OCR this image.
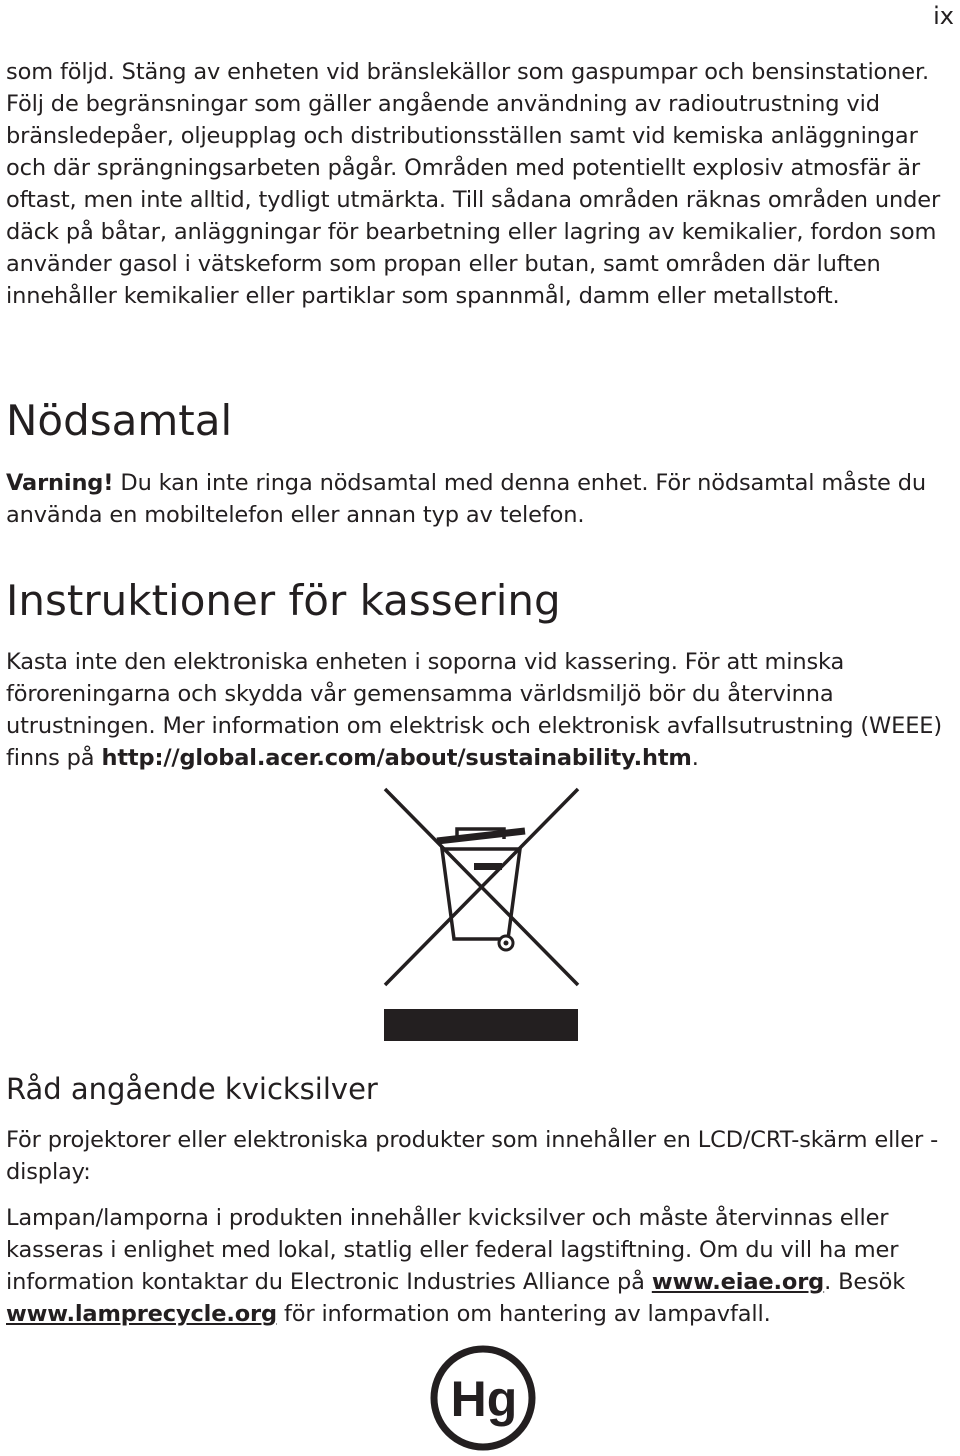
ix

som följd. Stäng av enheten vid bränslekällor som gaspumpar och bensinstationer. Följ de begränsningar som gäller angående användning av radioutrustning vid bränsledepåer, oljeupplag och distributionsställen samt vid kemiska anläggningar och där sprängningsarbeten pågår. Områden med potentiellt explosiv atmosfär är oftast, men inte alltid, tydligt utmärkta. Till sådana områden räknas områden under däck på båtar, anläggningar för bearbetning eller lagring av kemikalier, fordon som använder gasol i vätskeform som propan eller butan, samt områden där luften innehåller kemikalier eller partiklar som spannmål, damm eller metallstoft.

Nödsamtal

Varning! Du kan inte ringa nödsamtal med denna enhet. För nödsamtal måste du använda en mobiltelefon eller annan typ av telefon.

Instruktioner för kassering

Kasta inte den elektroniska enheten i soporna vid kassering. För att minska föroreningarna och skydda vår gemensamma världsmiljö bör du återvinna utrustningen. Mer information om elektrisk och elektronisk avfallsutrustning (WEEE) finns på http://global.acer.com/about/sustainability.htm.

Råd angående kvicksilver

För projektorer eller elektroniska produkter som innehåller en LCD/CRT-skärm eller -display:

Lampan/lamporna i produkten innehåller kvicksilver och måste återvinnas eller kasseras i enlighet med lokal, statlig eller federal lagstiftning. Om du vill ha mer information kontaktar du Electronic Industries Alliance på www.eiae.org. Besök www.lamprecycle.org för information om hantering av lampavfall.

Hg
